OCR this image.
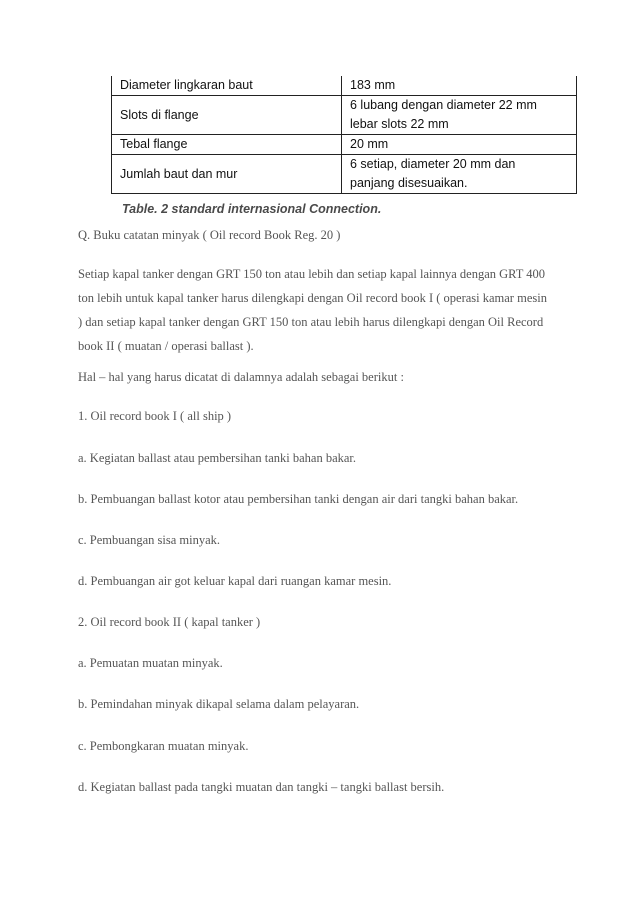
Diameter lingkaran baut	183 mm

Slots di flange	6 lubang dengan diameter 22 mm
lebar slots 22 mm

Tebal flange	20 mm

Jumlah baut dan mur	6 setiap, diameter 20 mm dan
panjang disesuaikan.
Table. 2 standard internasional Connection.
Q. Buku catatan minyak ( Oil record Book Reg. 20 )
Setiap kapal tanker dengan GRT 150 ton atau lebih dan setiap kapal lainnya dengan GRT 400
ton lebih untuk kapal tanker harus dilengkapi dengan Oil record book I ( operasi kamar mesin
) dan setiap kapal tanker dengan GRT 150 ton atau lebih harus dilengkapi dengan Oil Record
book II ( muatan / operasi ballast ).
Hal – hal yang harus dicatat di dalamnya adalah sebagai berikut :
1. Oil record book I ( all ship )
a. Kegiatan ballast atau pembersihan tanki bahan bakar.
b. Pembuangan ballast kotor atau pembersihan tanki dengan air dari tangki bahan bakar.
c. Pembuangan sisa minyak.
d. Pembuangan air got keluar kapal dari ruangan kamar mesin.
2. Oil record book II ( kapal tanker )
a. Pemuatan muatan minyak.
b. Pemindahan minyak dikapal selama dalam pelayaran.
c. Pembongkaran muatan minyak.
d. Kegiatan ballast pada tangki muatan dan tangki – tangki ballast bersih.
